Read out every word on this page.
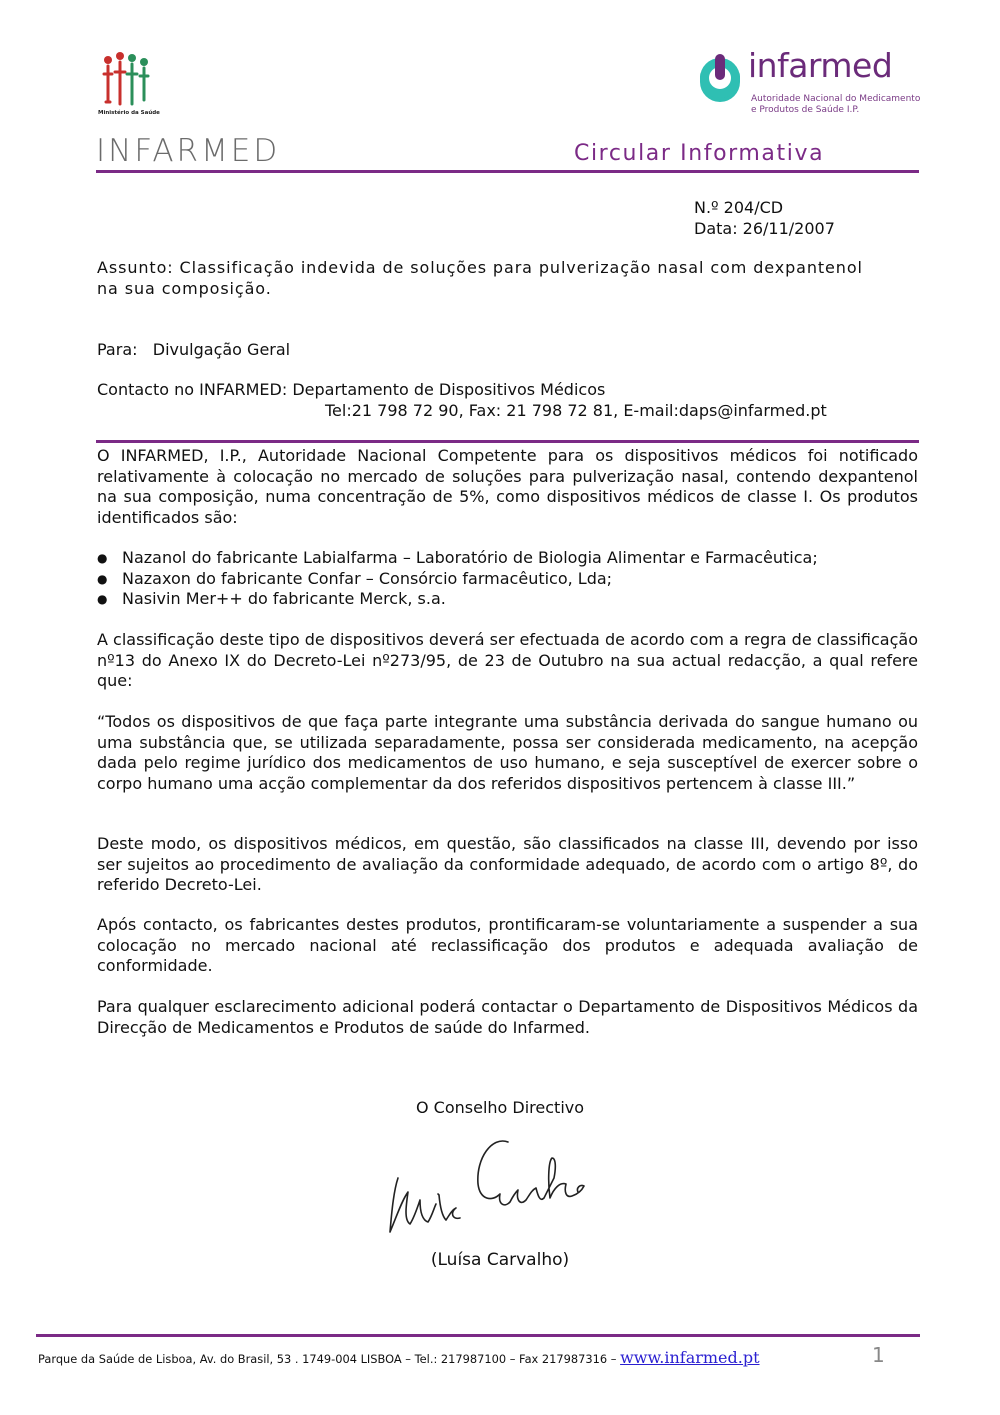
Ministério da Saúde
infarmed
Autoridade Nacional do Medicamento
e Produtos de Saúde I.P.
INFARMED	Circular Informativa
N.º 204/CD
Data: 26/11/2007
Assunto: Classificação indevida de soluções para pulverização nasal com dexpantenol
na sua composição.
Para: Divulgação Geral
Contacto no INFARMED: Departamento de Dispositivos Médicos
Tel:21 798 72 90, Fax: 21 798 72 81, E-mail:daps@infarmed.pt
O INFARMED, I.P., Autoridade Nacional Competente para os dispositivos médicos foi notificado relativamente à colocação no mercado de soluções para pulverização nasal, contendo dexpantenol na sua composição, numa concentração de 5%, como dispositivos médicos de classe I. Os produtos identificados são:
● Nazanol do fabricante Labialfarma – Laboratório de Biologia Alimentar e Farmacêutica;
● Nazaxon do fabricante Confar – Consórcio farmacêutico, Lda;
● Nasivin Mer++ do fabricante Merck, s.a.
A classificação deste tipo de dispositivos deverá ser efectuada de acordo com a regra de classificação nº13 do Anexo IX do Decreto-Lei nº273/95, de 23 de Outubro na sua actual redacção, a qual refere que:
“Todos os dispositivos de que faça parte integrante uma substância derivada do sangue humano ou uma substância que, se utilizada separadamente, possa ser considerada medicamento, na acepção dada pelo regime jurídico dos medicamentos de uso humano, e seja susceptível de exercer sobre o corpo humano uma acção complementar da dos referidos dispositivos pertencem à classe III.”
Deste modo, os dispositivos médicos, em questão, são classificados na classe III, devendo por isso ser sujeitos ao procedimento de avaliação da conformidade adequado, de acordo com o artigo 8º, do referido Decreto-Lei.
Após contacto, os fabricantes destes produtos, prontificaram-se voluntariamente a suspender a sua colocação no mercado nacional até reclassificação dos produtos e adequada avaliação de conformidade.
Para qualquer esclarecimento adicional poderá contactar o Departamento de Dispositivos Médicos da Direcção de Medicamentos e Produtos de saúde do Infarmed.
O Conselho Directivo
(Luísa Carvalho)
Parque da Saúde de Lisboa, Av. do Brasil, 53 . 1749-004 LISBOA – Tel.: 217987100 – Fax 217987316 – www.infarmed.pt	1
